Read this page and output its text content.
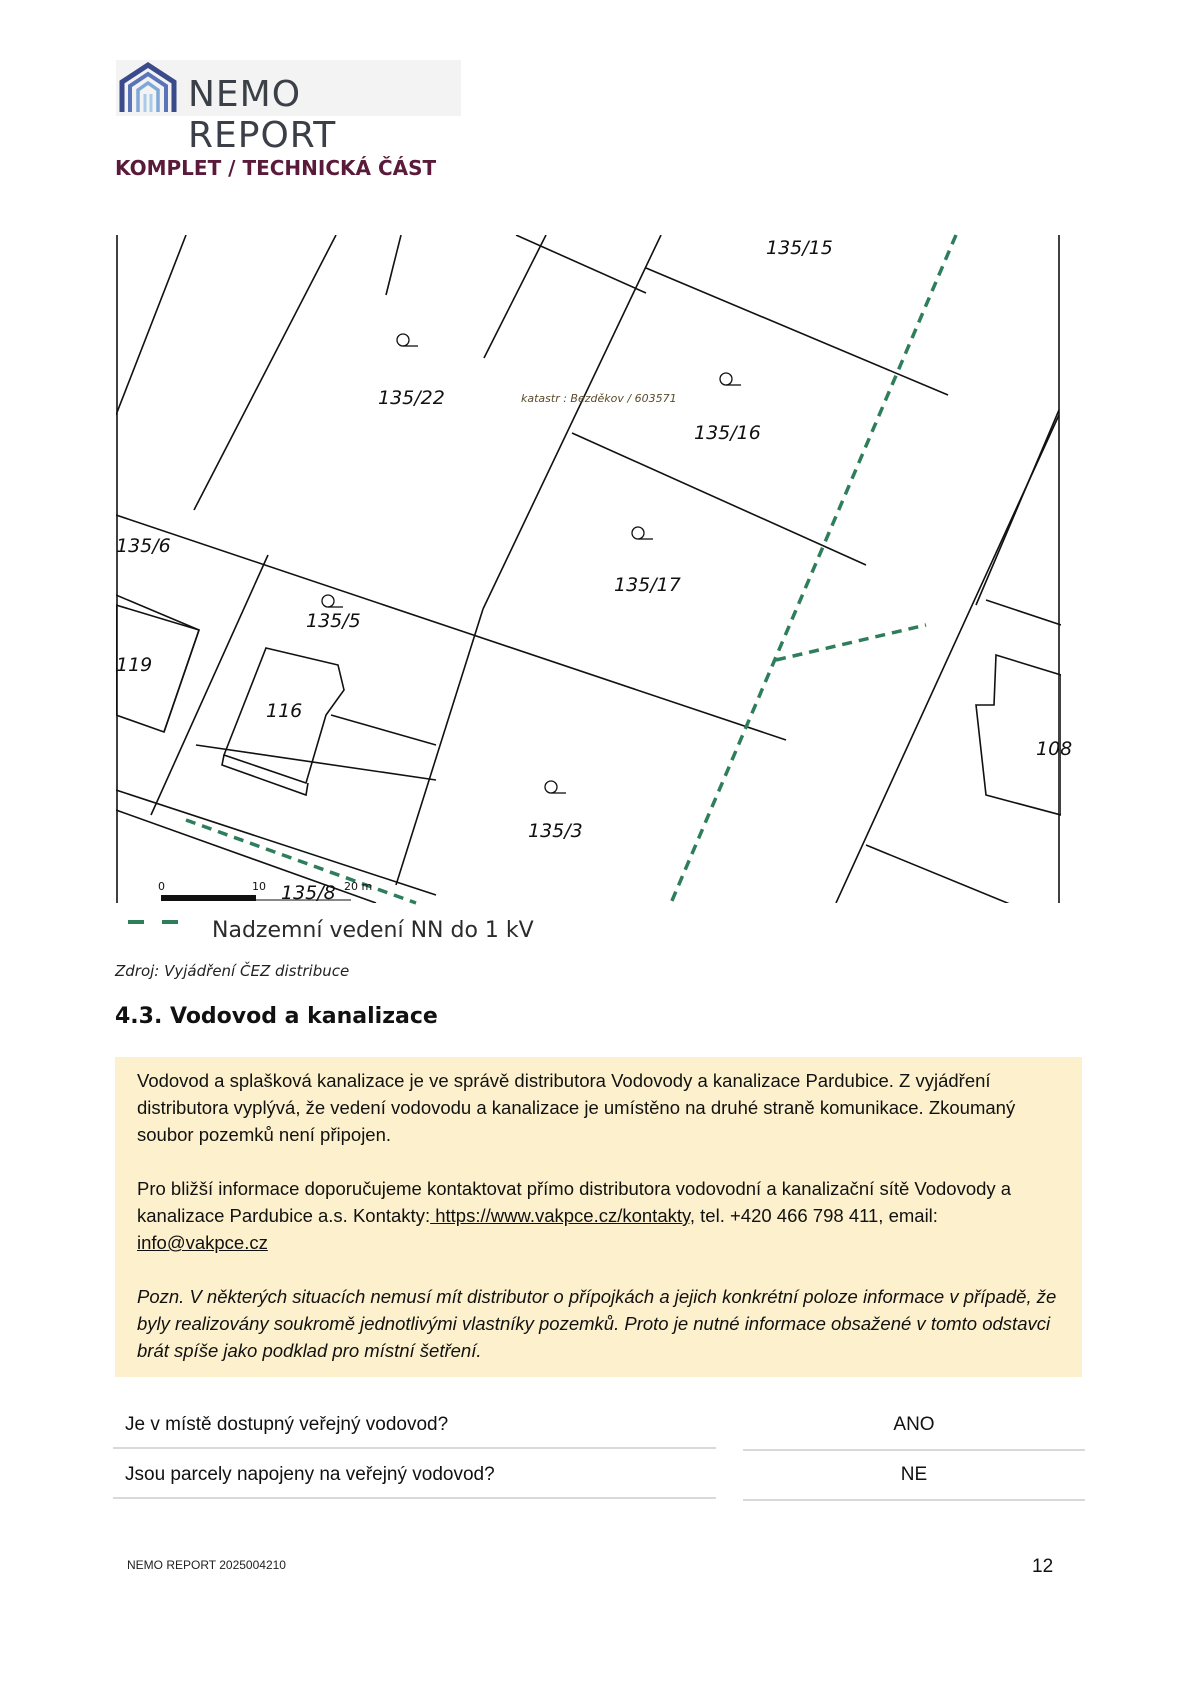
NEMO REPORT
KOMPLET / TECHNICKÁ ČÁST
135/15
135/22
135/16
135/6
135/17
135/5
119
116
108
135/3
135/8
katastr : Bezděkov / 603571
0	10	20 m
Nadzemní vedení NN do 1 kV
Zdroj: Vyjádření ČEZ distribuce
4.3. Vodovod a kanalizace

Vodovod a splašková kanalizace je ve správě distributora Vodovody a kanalizace Pardubice. Z vyjádření distributora vyplývá, že vedení vodovodu a kanalizace je umístěno na druhé straně komunikace. Zkoumaný soubor pozemků není připojen.

Pro bližší informace doporučujeme kontaktovat přímo distributora vodovodní a kanalizační sítě Vodovody a kanalizace Pardubice a.s. Kontakty: https://www.vakpce.cz/kontakty, tel. +420 466 798 411, email: info@vakpce.cz

Pozn. V některých situacích nemusí mít distributor o přípojkách a jejich konkrétní poloze informace v případě, že byly realizovány soukromě jednotlivými vlastníky pozemků. Proto je nutné informace obsažené v tomto odstavci brát spíše jako podklad pro místní šetření.

Je v místě dostupný veřejný vodovod?	ANO
Jsou parcely napojeny na veřejný vodovod?	NE
NEMO REPORT 2025004210	12
